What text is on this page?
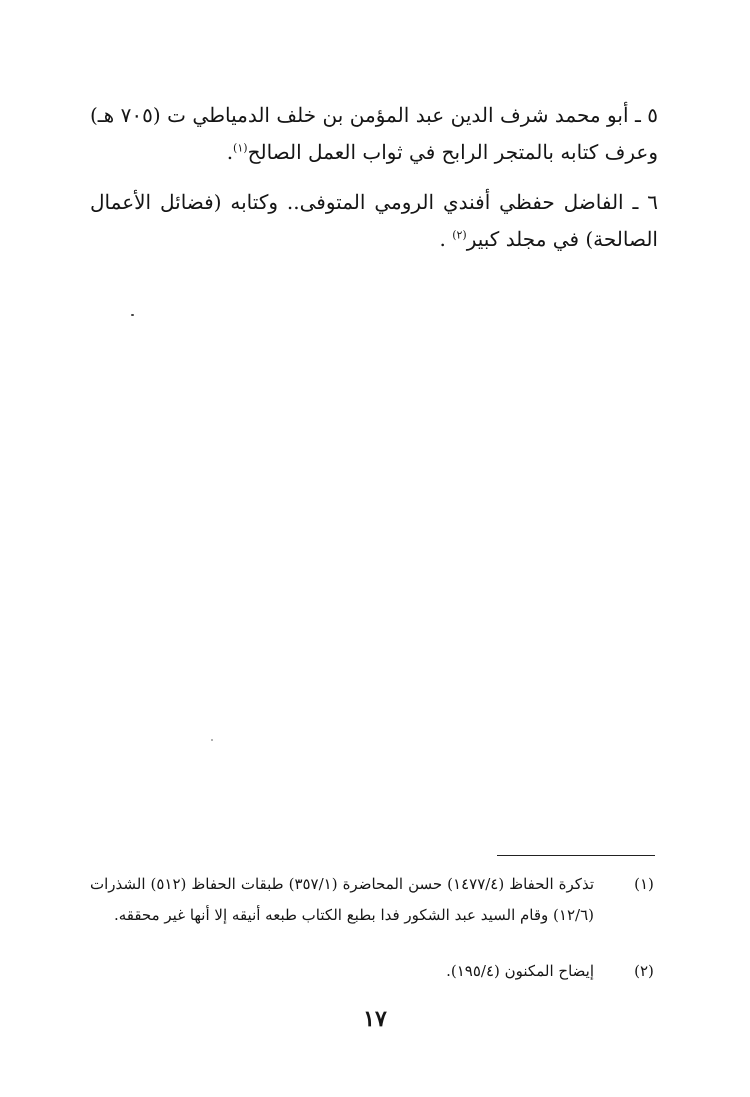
٥ ـ أبو محمد شرف الدين عبد المؤمن بن خلف الدمياطي ت (٧٠٥ هـ) وعرف كتابه بالمتجر الرابح في ثواب العمل الصالح$^{(١)}$.

٦ ـ الفاضل حفظي أفندي الرومي المتوفى.. وكتابه (فضائل الأعمال الصالحة) في مجلد كبير$^{(٢)}$ .

(١)
تذكرة الحفاظ (١٤٧٧/٤) حسن المحاضرة (٣٥٧/١) طبقات الحفاظ (٥١٢) الشذرات (١٢/٦) وقام السيد عبد الشكور فدا بطبع الكتاب طبعه أنيقه إلا أنها غير محققه.
(٢)
إيضاح المكنون (١٩٥/٤).
١٧
